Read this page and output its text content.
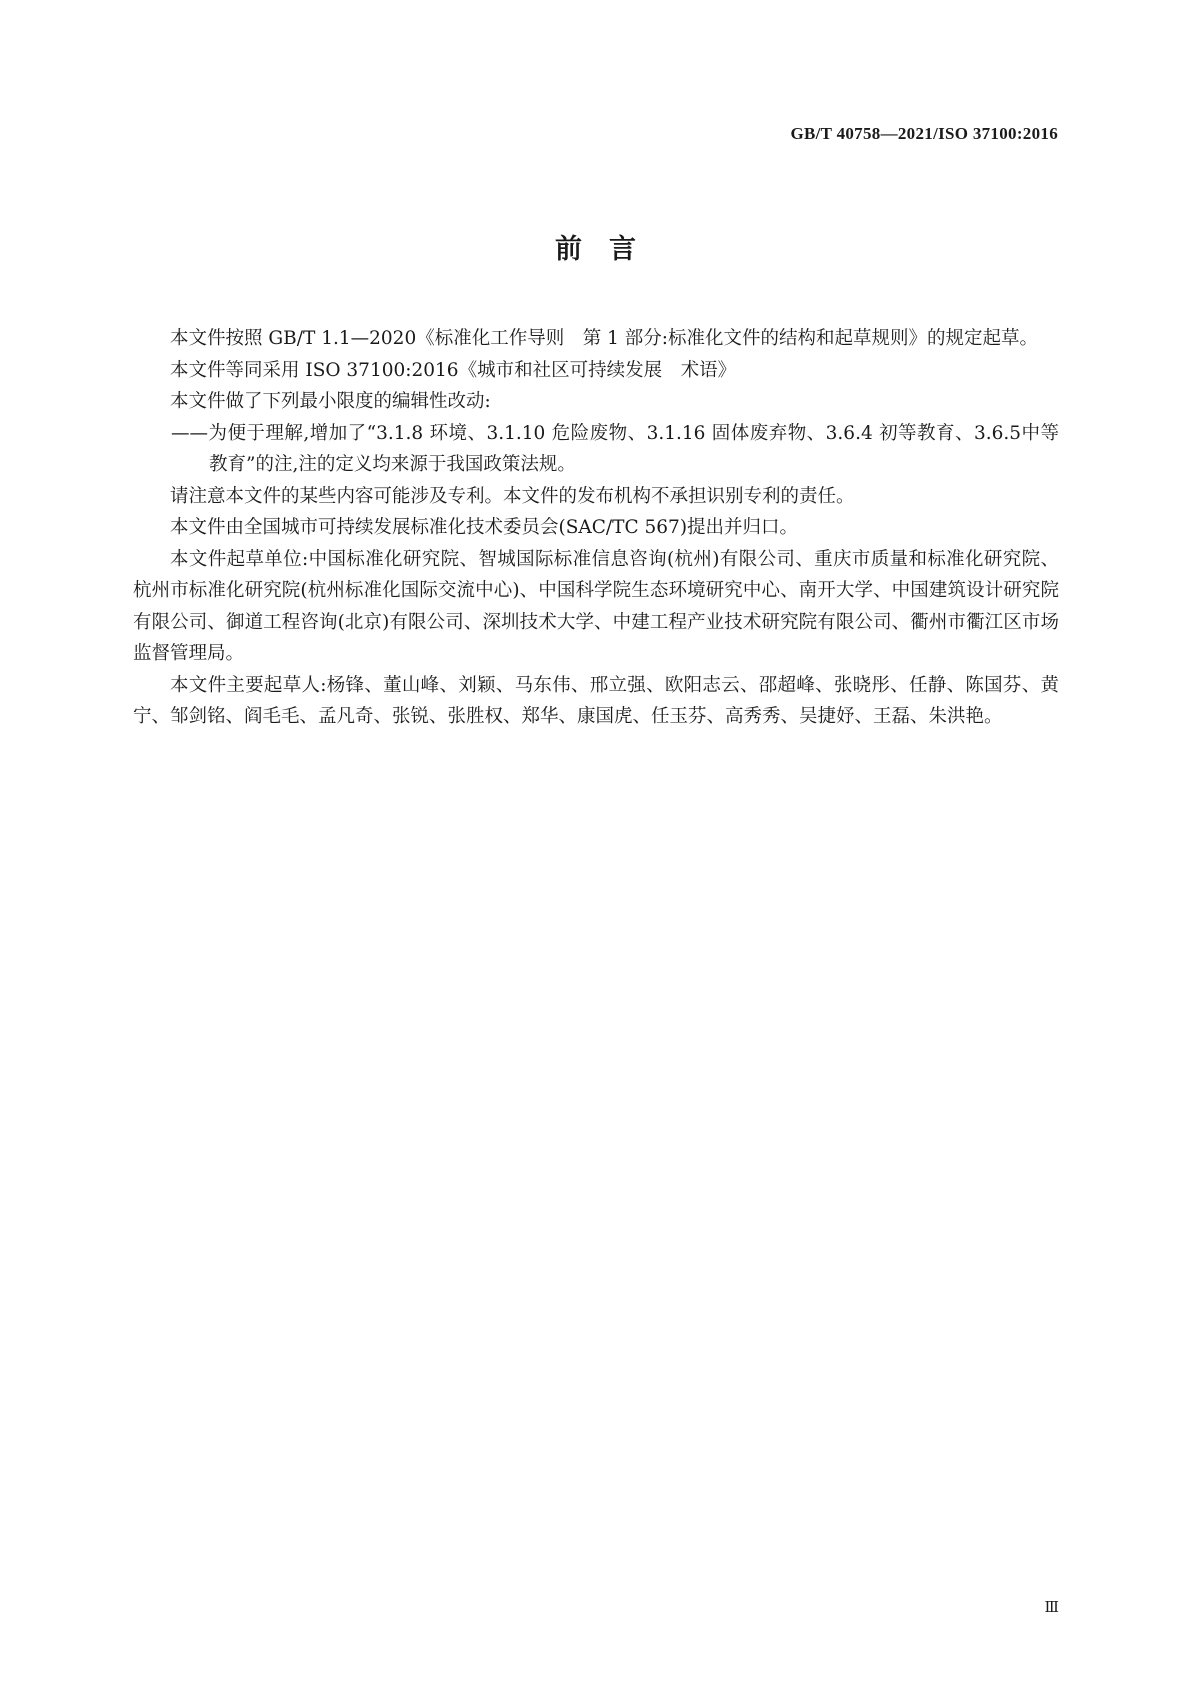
GB/T 40758—2021/ISO 37100:2016
前　言

本文件按照 GB/T 1.1—2020《标准化工作导则　第 1 部分:标准化文件的结构和起草规则》的规定起草。

本文件等同采用 ISO 37100:2016《城市和社区可持续发展　术语》

本文件做了下列最小限度的编辑性改动:

——为便于理解,增加了“3.1.8 环境、3.1.10 危险废物、3.1.16 固体废弃物、3.6.4 初等教育、3.6.5中等教育”的注,注的定义均来源于我国政策法规。

请注意本文件的某些内容可能涉及专利。本文件的发布机构不承担识别专利的责任。

本文件由全国城市可持续发展标准化技术委员会(SAC/TC 567)提出并归口。

本文件起草单位:中国标准化研究院、智城国际标准信息咨询(杭州)有限公司、重庆市质量和标准化研究院、杭州市标准化研究院(杭州标准化国际交流中心)、中国科学院生态环境研究中心、南开大学、中国建筑设计研究院有限公司、御道工程咨询(北京)有限公司、深圳技术大学、中建工程产业技术研究院有限公司、衢州市衢江区市场监督管理局。

本文件主要起草人:杨锋、董山峰、刘颖、马东伟、邢立强、欧阳志云、邵超峰、张晓彤、任静、陈国芬、黄宁、邹剑铭、阎毛毛、孟凡奇、张锐、张胜权、郑华、康国虎、任玉芬、高秀秀、吴捷妤、王磊、朱洪艳。

Ⅲ
